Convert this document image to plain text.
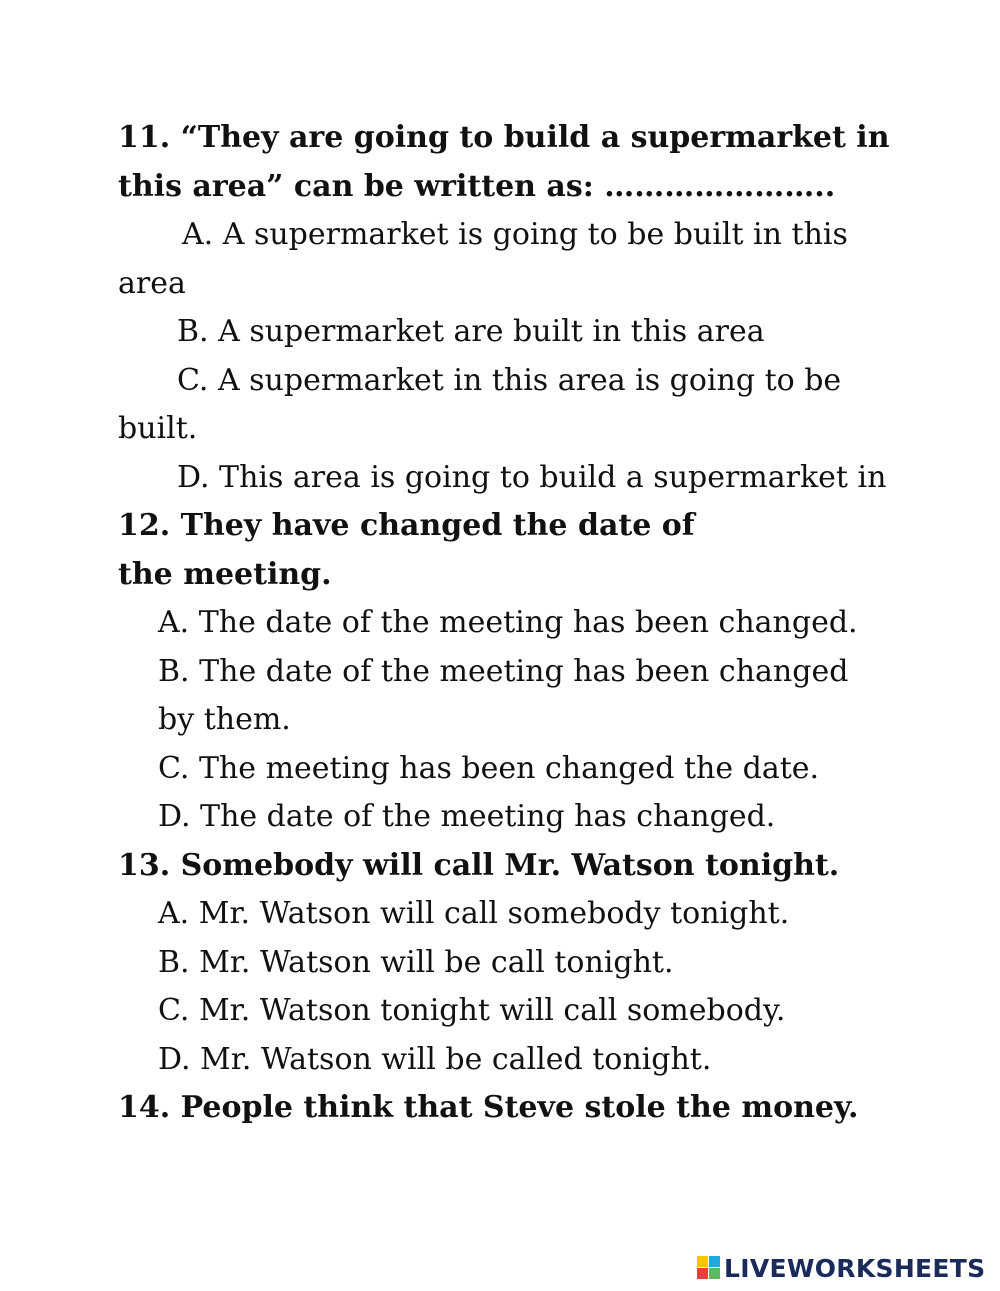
11. “They are going to build a supermarket in this area” can be written as: …………………..

A. A supermarket is going to be built in this area

B. A supermarket are built in this area

C. A supermarket in this area is going to be built.

D. This area is going to build a supermarket in

12. They have changed the date of the meeting.

A. The date of the meeting has been changed.

B. The date of the meeting has been changed by them.

C. The meeting has been changed the date.

D. The date of the meeting has changed.

13. Somebody will call Mr. Watson tonight.

A. Mr. Watson will call somebody tonight.

B. Mr. Watson will be call tonight.

C. Mr. Watson tonight will call somebody.

D. Mr. Watson will be called tonight.

14. People think that Steve stole the money.

LIVEWORKSHEETS
